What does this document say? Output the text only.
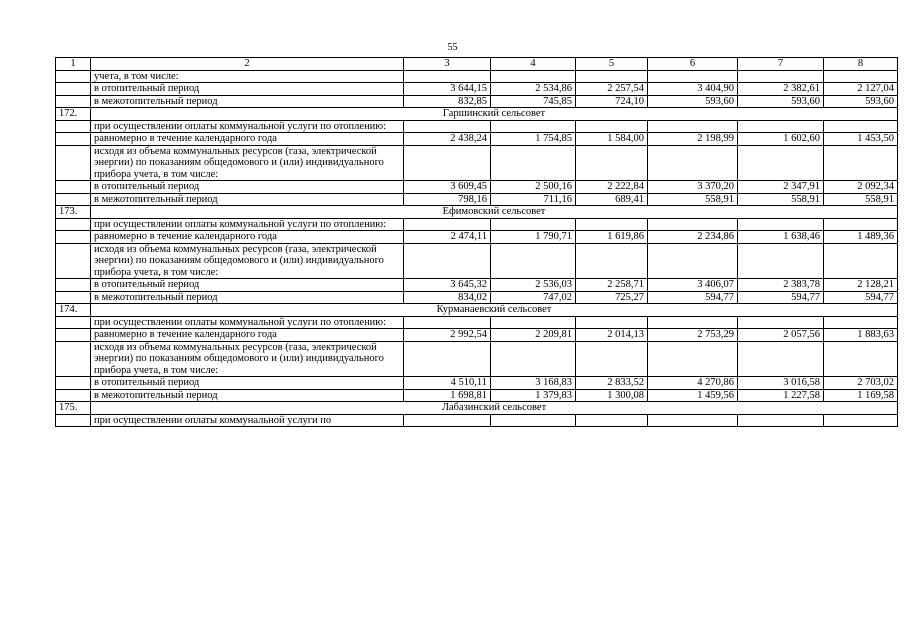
55
1	2	3	4	5	6	7	8
	учета, в том числе:						
	в отопительный период	3 644,15	2 534,86	2 257,54	3 404,90	2 382,61	2 127,04
	в межотопительный период	832,85	745,85	724,10	593,60	593,60	593,60
172.	Гаршинский сельсовет						
	при осуществлении оплаты коммунальной услуги по отоплению:						
	равномерно в течение календарного года	2 438,24	1 754,85	1 584,00	2 198,99	1 602,60	1 453,50
	исходя из объема коммунальных ресурсов (газа, электрической энергии) по показаниям общедомового и (или) индивидуального прибора учета, в том числе:						
	в отопительный период	3 609,45	2 500,16	2 222,84	3 370,20	2 347,91	2 092,34
	в межотопительный период	798,16	711,16	689,41	558,91	558,91	558,91
173.	Ефимовский сельсовет						
	при осуществлении оплаты коммунальной услуги по отоплению:						
	равномерно в течение календарного года	2 474,11	1 790,71	1 619,86	2 234,86	1 638,46	1 489,36
	исходя из объема коммунальных ресурсов (газа, электрической энергии) по показаниям общедомового и (или) индивидуального прибора учета, в том числе:						
	в отопительный период	3 645,32	2 536,03	2 258,71	3 406,07	2 383,78	2 128,21
	в межотопительный период	834,02	747,02	725,27	594,77	594,77	594,77
174.	Курманаевский сельсовет						
	при осуществлении оплаты коммунальной услуги по отоплению:						
	равномерно в течение календарного года	2 992,54	2 209,81	2 014,13	2 753,29	2 057,56	1 883,63
	исходя из объема коммунальных ресурсов (газа, электрической энергии) по показаниям общедомового и (или) индивидуального прибора учета, в том числе:						
	в отопительный период	4 510,11	3 168,83	2 833,52	4 270,86	3 016,58	2 703,02
	в межотопительный период	1 698,81	1 379,83	1 300,08	1 459,56	1 227,58	1 169,58
175.	Лабазинский сельсовет						
	при осуществлении оплаты коммунальной услуги по						
